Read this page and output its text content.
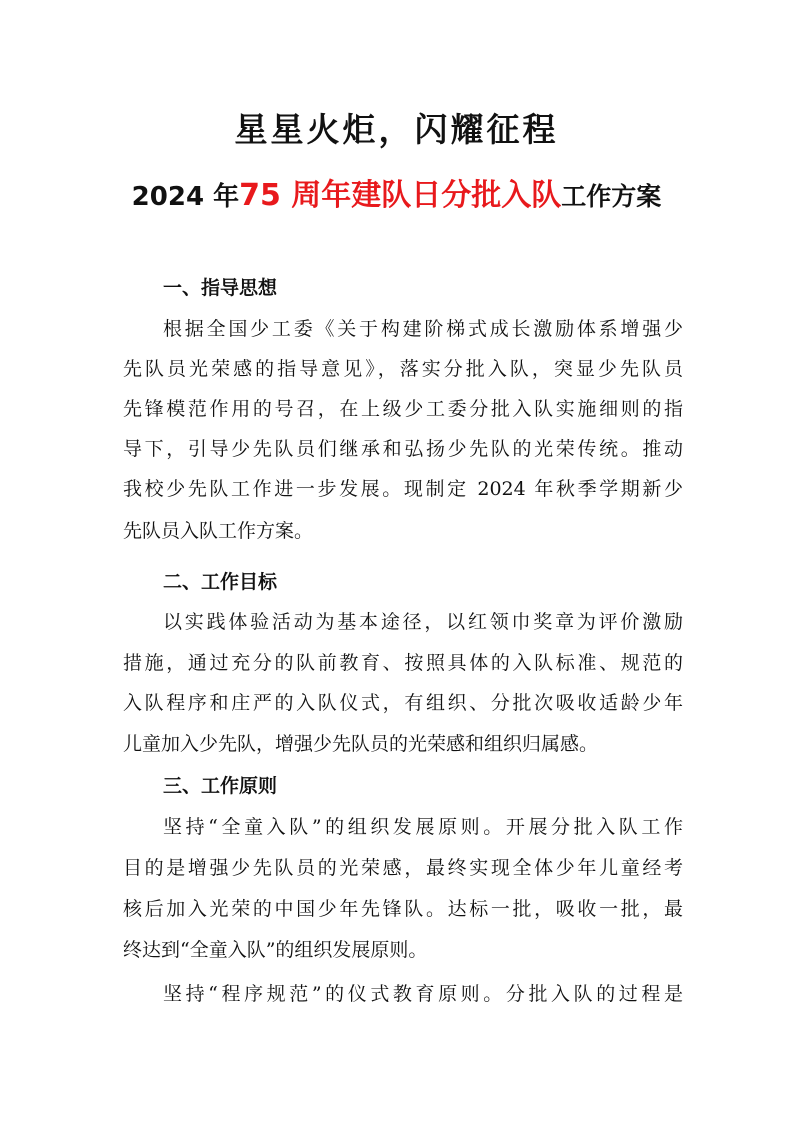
星星火炬，闪耀征程
2024 年75 周年建队日分批入队工作方案
一、指导思想
根据全国少工委《关于构建阶梯式成长激励体系增强少
先队员光荣感的指导意见》，落实分批入队，突显少先队员
先锋模范作用的号召，在上级少工委分批入队实施细则的指
导下，引导少先队员们继承和弘扬少先队的光荣传统。推动
我校少先队工作进一步发展。现制定 2024 年秋季学期新少
先队员入队工作方案。
二、工作目标
以实践体验活动为基本途径，以红领巾奖章为评价激励
措施，通过充分的队前教育、按照具体的入队标准、规范的
入队程序和庄严的入队仪式，有组织、分批次吸收适龄少年
儿童加入少先队，增强少先队员的光荣感和组织归属感。
三、工作原则
坚持“全童入队”的组织发展原则。开展分批入队工作
目的是增强少先队员的光荣感，最终实现全体少年儿童经考
核后加入光荣的中国少年先锋队。达标一批，吸收一批，最
终达到“全童入队”的组织发展原则。
坚持“程序规范”的仪式教育原则。分批入队的过程是
